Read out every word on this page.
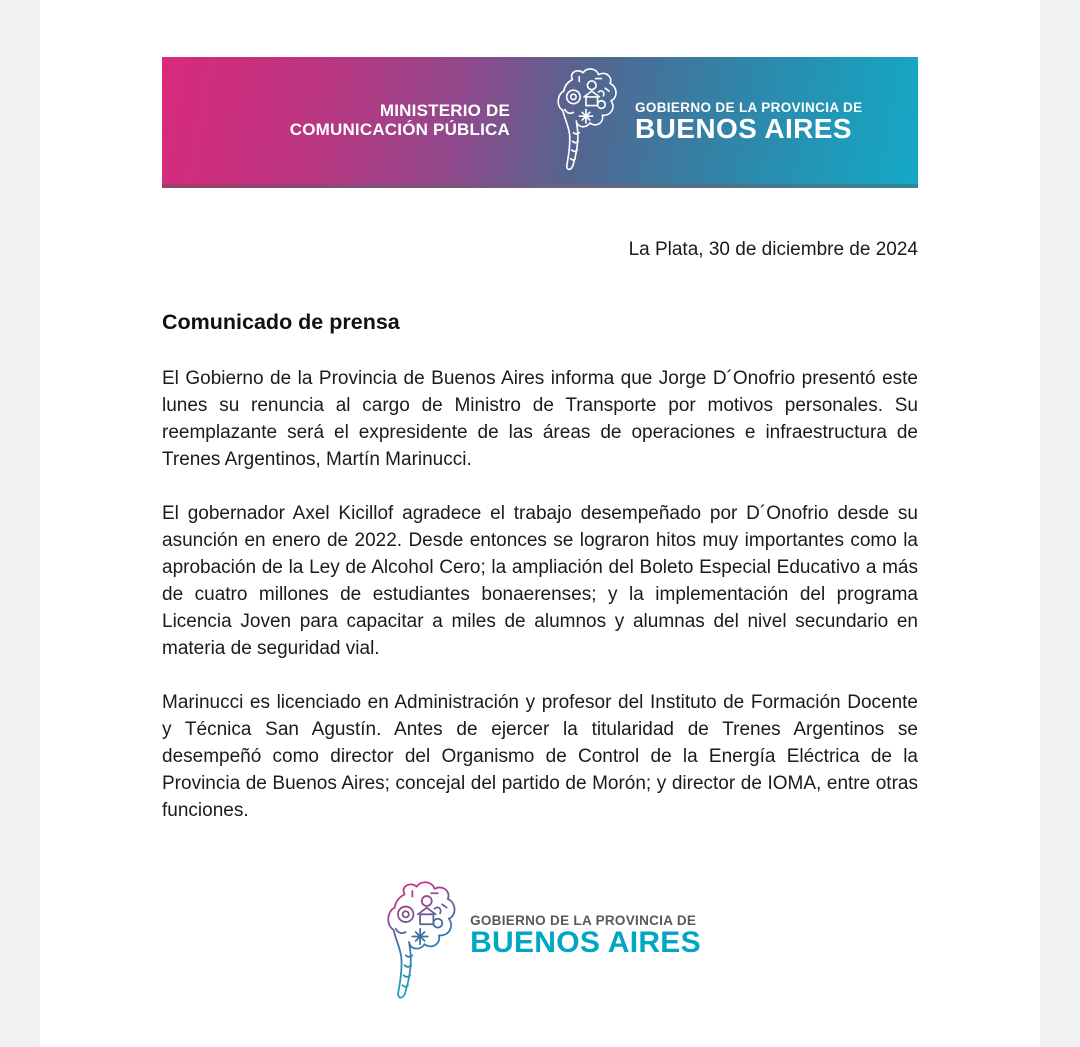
MINISTERIO DE
COMUNICACIÓN PÚBLICA
GOBIERNO DE LA PROVINCIA DE
BUENOS AIRES
La Plata, 30 de diciembre de 2024
Comunicado de prensa

El Gobierno de la Provincia de Buenos Aires informa que Jorge D´Onofrio presentó este lunes su renuncia al cargo de Ministro de Transporte por motivos personales. Su reemplazante será el expresidente de las áreas de operaciones e infraestructura de Trenes Argentinos, Martín Marinucci.

El gobernador Axel Kicillof agradece el trabajo desempeñado por D´Onofrio desde su asunción en enero de 2022. Desde entonces se lograron hitos muy importantes como la aprobación de la Ley de Alcohol Cero; la ampliación del Boleto Especial Educativo a más de cuatro millones de estudiantes bonaerenses; y la implementación del programa Licencia Joven para capacitar a miles de alumnos y alumnas del nivel secundario en materia de seguridad vial.

Marinucci es licenciado en Administración y profesor del Instituto de Formación Docente y Técnica San Agustín. Antes de ejercer la titularidad de Trenes Argentinos se desempeñó como director del Organismo de Control de la Energía Eléctrica de la Provincia de Buenos Aires; concejal del partido de Morón; y director de IOMA, entre otras funciones.

GOBIERNO DE LA PROVINCIA DE
BUENOS AIRES
